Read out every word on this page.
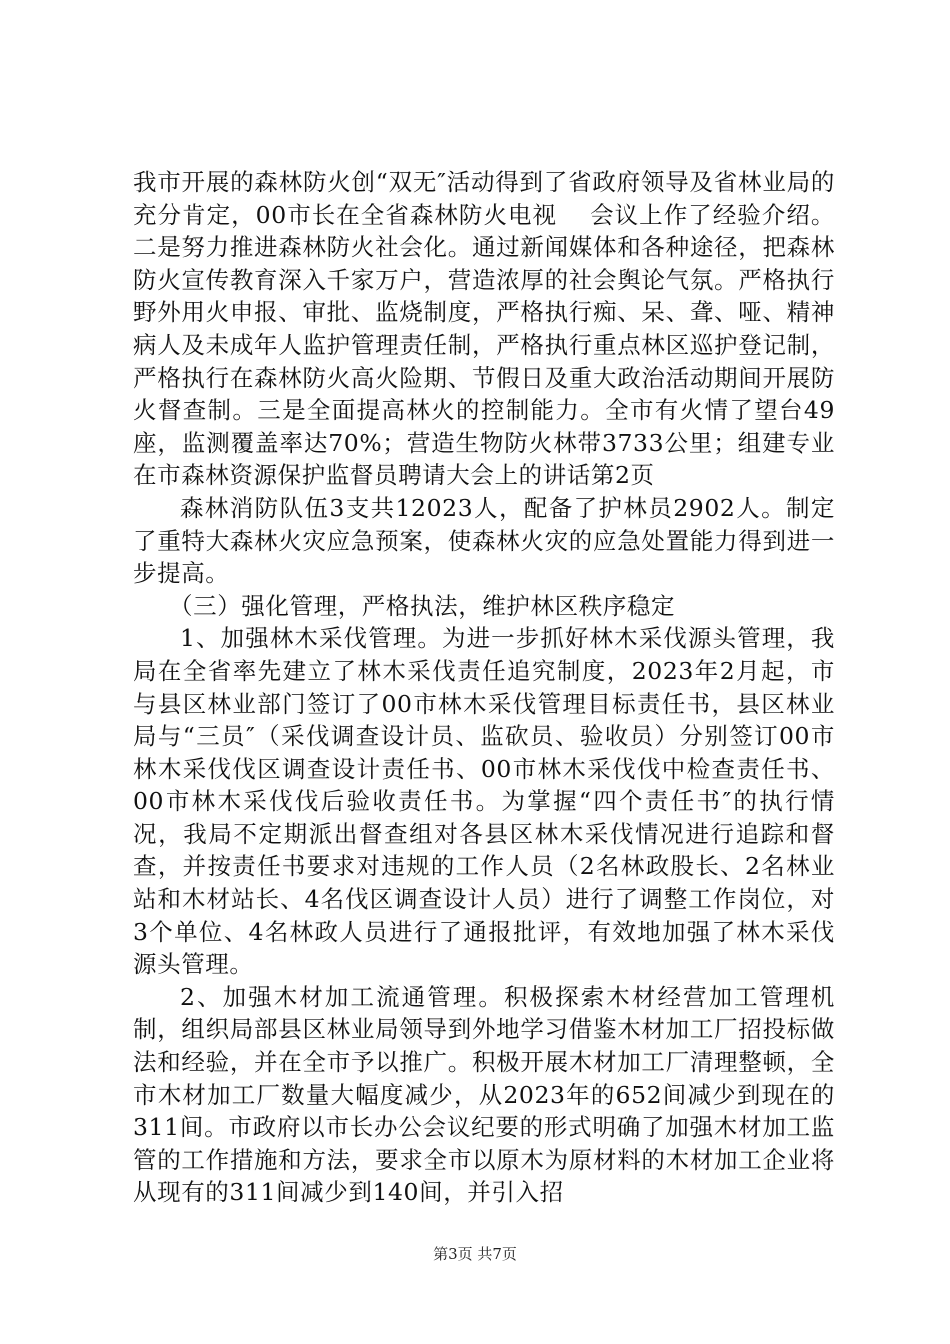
我市开展的森林防火创“双无″活动得到了省政府领导及省林业局的充分肯定，00市长在全省森林防火电视　 会议上作了经验介绍。二是努力推进森林防火社会化。通过新闻媒体和各种途径，把森林防火宣传教育深入千家万户，营造浓厚的社会舆论气氛。严格执行野外用火申报、审批、监烧制度，严格执行痴、呆、聋、哑、精神病人及未成年人监护管理责任制，严格执行重点林区巡护登记制，严格执行在森林防火高火险期、节假日及重大政治活动期间开展防火督查制。三是全面提高林火的控制能力。全市有火情了望台49座，监测覆盖率达70%；营造生物防火林带3733公里；组建专业在市森林资源保护监督员聘请大会上的讲话第2页

森林消防队伍3支共12023人，配备了护林员2902人。制定了重特大森林火灾应急预案，使森林火灾的应急处置能力得到进一步提高。

（三）强化管理，严格执法，维护林区秩序稳定

1、加强林木采伐管理。为进一步抓好林木采伐源头管理，我局在全省率先建立了林木采伐责任追究制度，2023年2月起，市与县区林业部门签订了00市林木采伐管理目标责任书，县区林业局与“三员″（采伐调查设计员、监砍员、验收员）分别签订00市林木采伐伐区调查设计责任书、00市林木采伐伐中检查责任书、00市林木采伐伐后验收责任书。为掌握“四个责任书″的执行情况，我局不定期派出督查组对各县区林木采伐情况进行追踪和督查，并按责任书要求对违规的工作人员（2名林政股长、2名林业站和木材站长、4名伐区调查设计人员）进行了调整工作岗位，对3个单位、4名林政人员进行了通报批评，有效地加强了林木采伐源头管理。

2、加强木材加工流通管理。积极探索木材经营加工管理机制，组织局部县区林业局领导到外地学习借鉴木材加工厂招投标做法和经验，并在全市予以推广。积极开展木材加工厂清理整顿，全市木材加工厂数量大幅度减少，从2023年的652间减少到现在的311间。市政府以市长办公会议纪要的形式明确了加强木材加工监管的工作措施和方法，要求全市以原木为原材料的木材加工企业将从现有的311间减少到140间，并引入招

第3页 共7页
